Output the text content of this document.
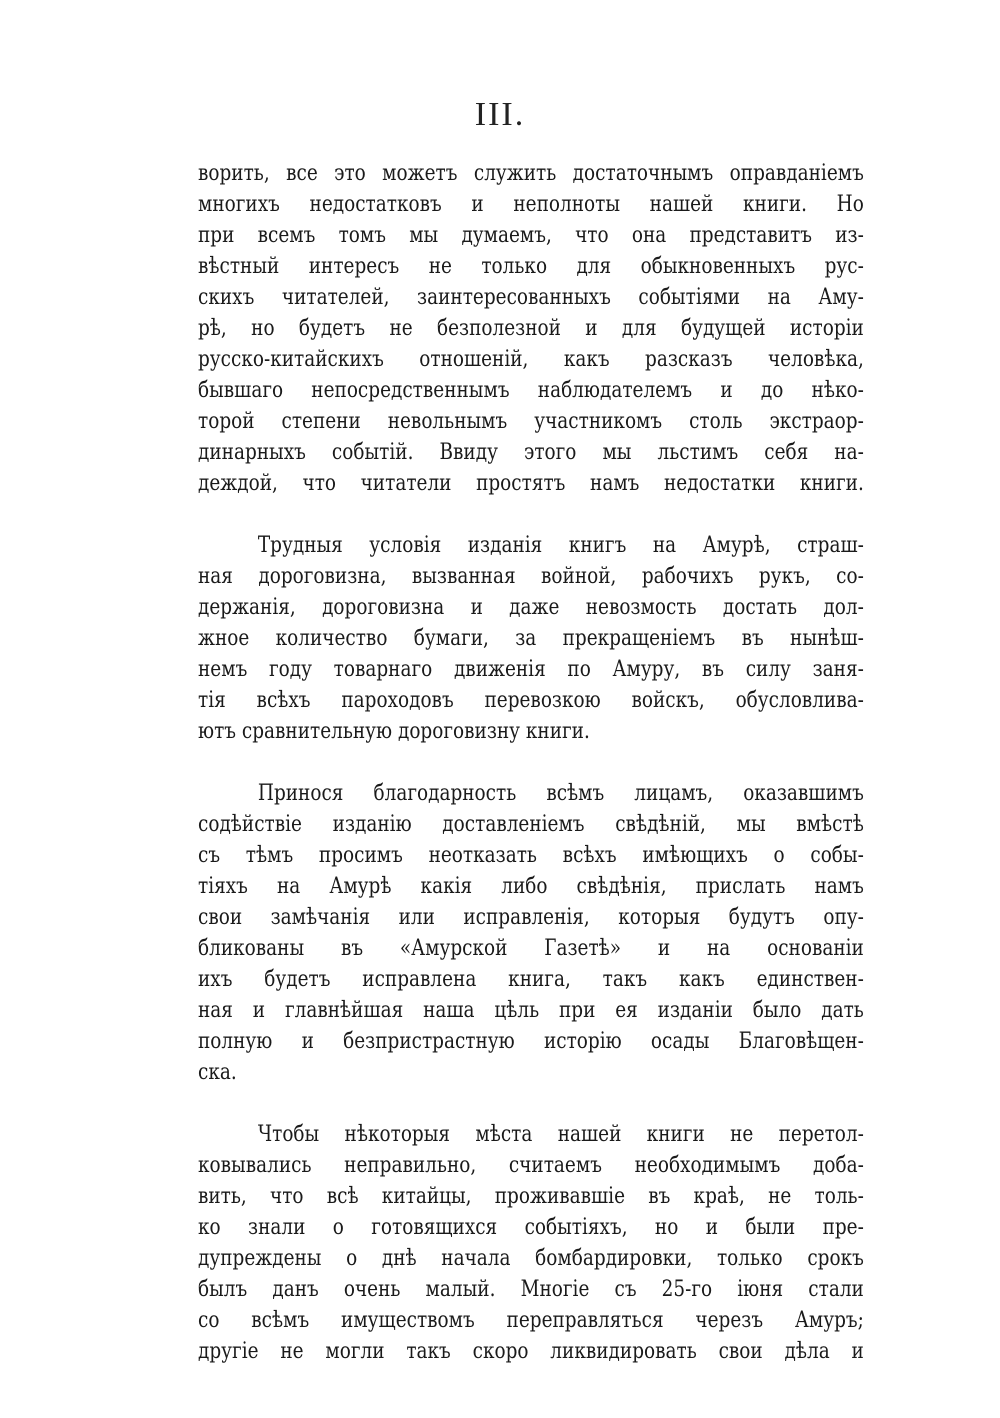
III.
ворить, все это можетъ служить достаточнымъ оправданіемъ
многихъ недостатковъ и неполноты нашей книги. Но
при всемъ томъ мы думаемъ, что она представитъ из-
вѣстный интересъ не только для обыкновенныхъ рус-
скихъ читателей, заинтересованныхъ событіями на Аму-
рѣ, но будетъ не безполезной и для будущей исторіи
русско-китайскихъ отношеній, какъ разсказъ человѣка,
бывшаго непосредственнымъ наблюдателемъ и до нѣко-
торой степени невольнымъ участникомъ столь экстраор-
динарныхъ событій. Ввиду этого мы льстимъ себя на-
деждой, что читатели простятъ намъ недостатки книги.
Трудныя условія изданія книгъ на Амурѣ, страш-
ная дороговизна, вызванная войной, рабочихъ рукъ, со-
держанія, дороговизна и даже невозмость достать дол-
жное количество бумаги, за прекращеніемъ въ нынѣш-
немъ году товарнаго движенія по Амуру, въ силу заня-
тія всѣхъ пароходовъ перевозкою войскъ, обусловлива-
ютъ сравнительную дороговизну книги.
Принося благодарность всѣмъ лицамъ, оказавшимъ
содѣйствіе изданію доставленіемъ свѣдѣній, мы вмѣстѣ
съ тѣмъ просимъ неотказать всѣхъ имѣющихъ о собы-
тіяхъ на Амурѣ какія либо свѣдѣнія, прислать намъ
свои замѣчанія или исправленія, которыя будутъ опу-
бликованы въ «Амурской Газетѣ» и на основаніи
ихъ будетъ исправлена книга, такъ какъ единствен-
ная и главнѣйшая наша цѣль при ея изданіи было дать
полную и безпристрастную исторію осады Благовѣщен-
ска.
Чтобы нѣкоторыя мѣста нашей книги не перетол-
ковывались неправильно, считаемъ необходимымъ доба-
вить, что всѣ китайцы, проживавшіе въ краѣ, не толь-
ко знали о готовящихся событіяхъ, но и были пре-
дупреждены о днѣ начала бомбардировки, только срокъ
былъ данъ очень малый. Многіе съ 25-го іюня стали
со всѣмъ имуществомъ переправляться черезъ Амуръ;
другіе не могли такъ скоро ликвидировать свои дѣла и
